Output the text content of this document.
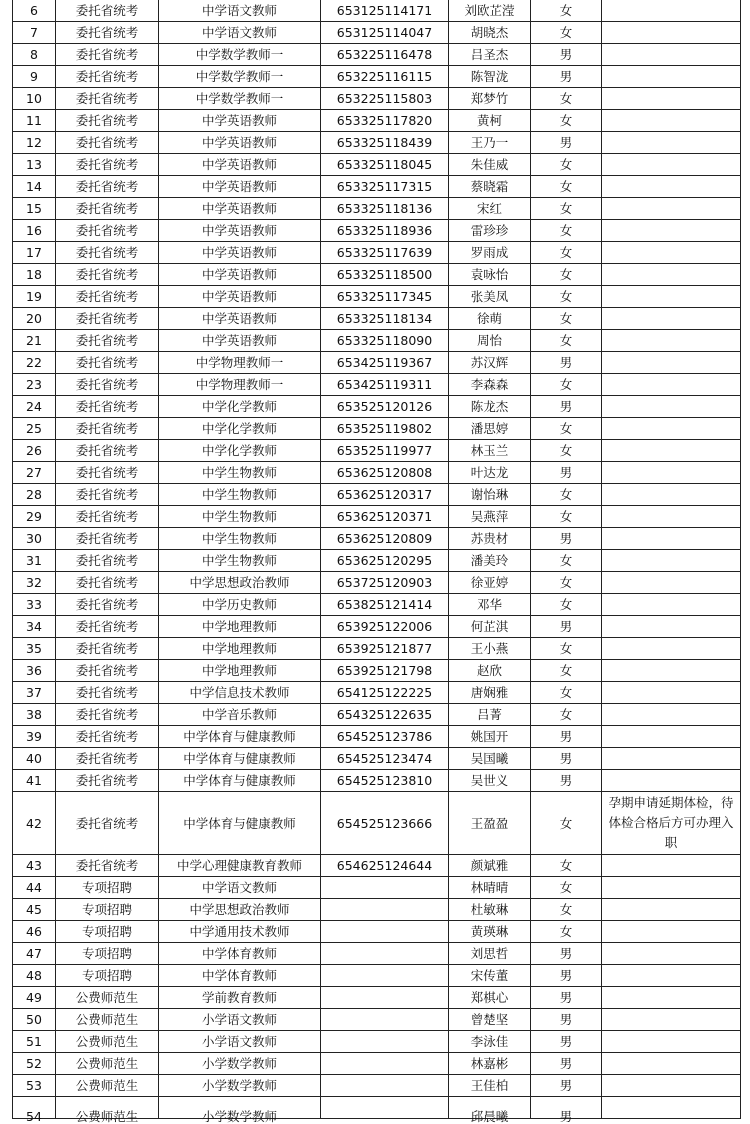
6	委托省统考	中学语文教师	653125114171	刘欧芷滢	女	
7	委托省统考	中学语文教师	653125114047	胡晓杰	女	
8	委托省统考	中学数学教师一	653225116478	吕圣杰	男	
9	委托省统考	中学数学教师一	653225116115	陈智泷	男	
10	委托省统考	中学数学教师一	653225115803	郑梦竹	女	
11	委托省统考	中学英语教师	653325117820	黄柯	女	
12	委托省统考	中学英语教师	653325118439	王乃一	男	
13	委托省统考	中学英语教师	653325118045	朱佳威	女	
14	委托省统考	中学英语教师	653325117315	蔡晓霜	女	
15	委托省统考	中学英语教师	653325118136	宋红	女	
16	委托省统考	中学英语教师	653325118936	雷珍珍	女	
17	委托省统考	中学英语教师	653325117639	罗雨成	女	
18	委托省统考	中学英语教师	653325118500	袁咏怡	女	
19	委托省统考	中学英语教师	653325117345	张美凤	女	
20	委托省统考	中学英语教师	653325118134	徐萌	女	
21	委托省统考	中学英语教师	653325118090	周怡	女	
22	委托省统考	中学物理教师一	653425119367	苏汉辉	男	
23	委托省统考	中学物理教师一	653425119311	李森森	女	
24	委托省统考	中学化学教师	653525120126	陈龙杰	男	
25	委托省统考	中学化学教师	653525119802	潘思婷	女	
26	委托省统考	中学化学教师	653525119977	林玉兰	女	
27	委托省统考	中学生物教师	653625120808	叶达龙	男	
28	委托省统考	中学生物教师	653625120317	谢怡琳	女	
29	委托省统考	中学生物教师	653625120371	吴燕萍	女	
30	委托省统考	中学生物教师	653625120809	苏贵材	男	
31	委托省统考	中学生物教师	653625120295	潘美玲	女	
32	委托省统考	中学思想政治教师	653725120903	徐亚婷	女	
33	委托省统考	中学历史教师	653825121414	邓华	女	
34	委托省统考	中学地理教师	653925122006	何芷淇	男	
35	委托省统考	中学地理教师	653925121877	王小燕	女	
36	委托省统考	中学地理教师	653925121798	赵欣	女	
37	委托省统考	中学信息技术教师	654125122225	唐娴雅	女	
38	委托省统考	中学音乐教师	654325122635	吕菁	女	
39	委托省统考	中学体育与健康教师	654525123786	姚国开	男	
40	委托省统考	中学体育与健康教师	654525123474	吴国曦	男	
41	委托省统考	中学体育与健康教师	654525123810	吴世义	男	
42	委托省统考	中学体育与健康教师	654525123666	王盈盈	女	孕期申请延期体检，待体检合格后方可办理入职
43	委托省统考	中学心理健康教育教师	654625124644	颜斌雅	女	
44	专项招聘	中学语文教师		林晴晴	女	
45	专项招聘	中学思想政治教师		杜敏琳	女	
46	专项招聘	中学通用技术教师		黄瑛琳	女	
47	专项招聘	中学体育教师		刘思哲	男	
48	专项招聘	中学体育教师		宋传董	男	
49	公费师范生	学前教育教师		郑棋心	男	
50	公费师范生	小学语文教师		曾楚坚	男	
51	公费师范生	小学语文教师		李泳佳	男	
52	公费师范生	小学数学教师		林嘉彬	男	
53	公费师范生	小学数学教师		王佳柏	男	
54	公费师范生	小学数学教师		邱晨曦	男	
